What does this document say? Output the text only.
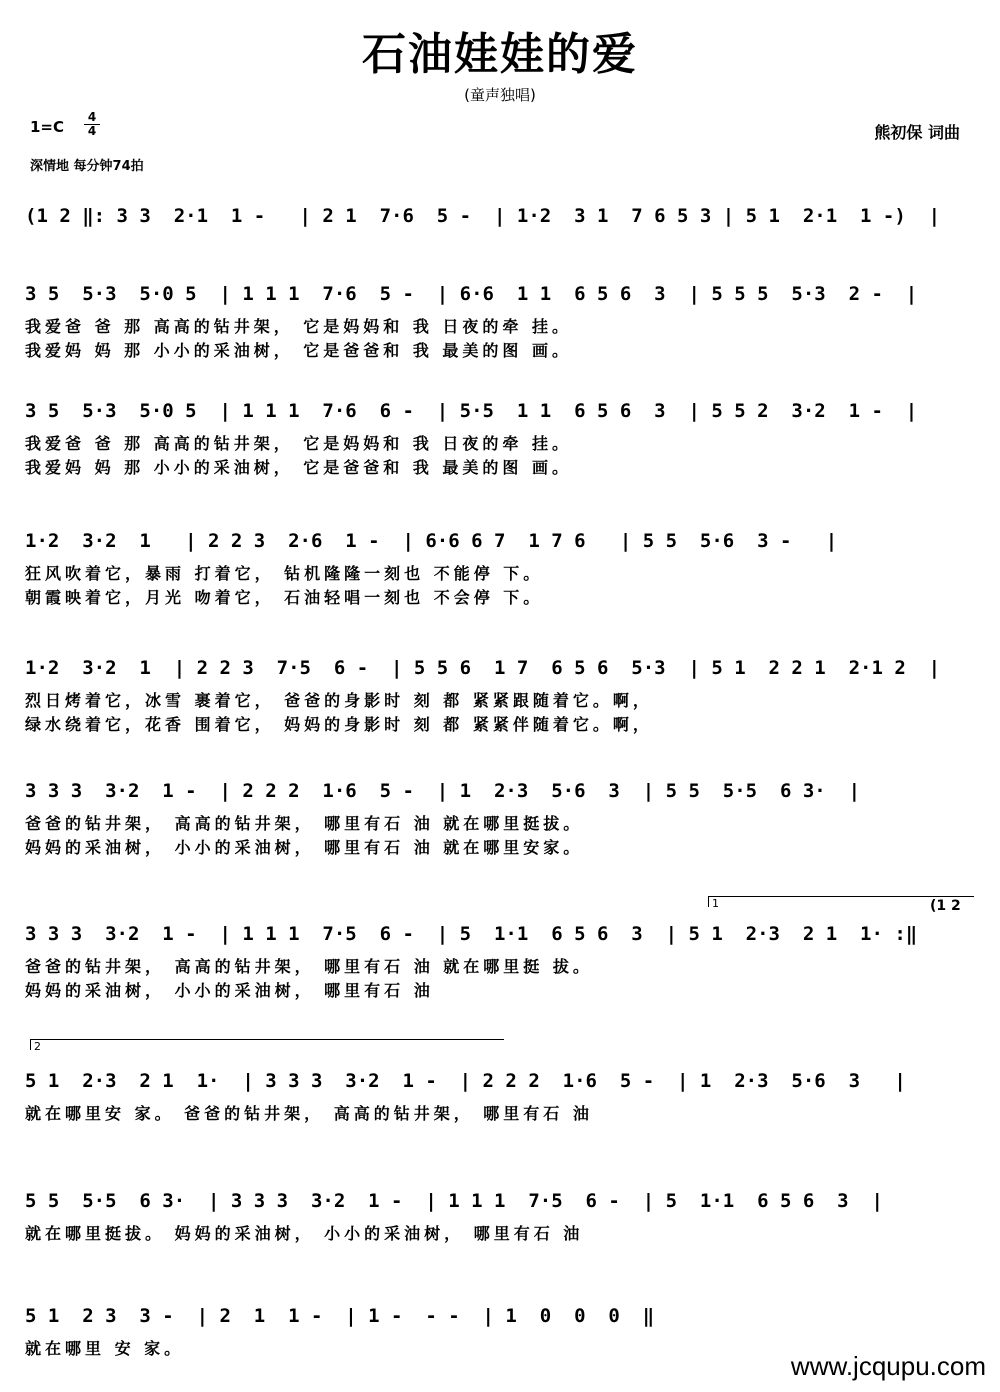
石油娃娃的爱
(童声独唱)
1=C
4
4
深情地 每分钟74拍
熊初保 词曲
(1 2 ‖: 3 3  2·1  1 -   | 2 1  7·6  5 -  | 1·2  3 1  7 6 5 3 | 5 1  2·1  1 -)  |
3 5  5·3  5·0 5  | 1 1 1  7·6  5 -  | 6·6  1 1  6 5 6  3  | 5 5 5  5·3  2 -  |
我爱爸 爸 那 高高的钻井架， 它是妈妈和 我 日夜的牵 挂。
我爱妈 妈 那 小小的采油树， 它是爸爸和 我 最美的图 画。
3 5  5·3  5·0 5  | 1 1 1  7·6  6 -  | 5·5  1 1  6 5 6  3  | 5 5 2  3·2  1 -  |
我爱爸 爸 那 高高的钻井架， 它是妈妈和 我 日夜的牵 挂。
我爱妈 妈 那 小小的采油树， 它是爸爸和 我 最美的图 画。
1·2  3·2  1   | 2 2 3  2·6  1 -  | 6·6 6 7  1 7 6   | 5 5  5·6  3 -   |
狂风吹着它，暴雨 打着它， 钻机隆隆一刻也 不能停 下。
朝霞映着它，月光 吻着它， 石油轻唱一刻也 不会停 下。
1·2  3·2  1  | 2 2 3  7·5  6 -  | 5 5 6  1 7  6 5 6  5·3  | 5 1  2 2 1  2·1 2  |
烈日烤着它，冰雪 裹着它， 爸爸的身影时 刻 都 紧紧跟随着它。啊，
绿水绕着它，花香 围着它， 妈妈的身影时 刻 都 紧紧伴随着它。啊，
3 3 3  3·2  1 -  | 2 2 2  1·6  5 -  | 1  2·3  5·6  3  | 5 5  5·5  6 3·  |
爸爸的钻井架， 高高的钻井架， 哪里有石 油 就在哪里挺拔。
妈妈的采油树， 小小的采油树， 哪里有石 油 就在哪里安家。
1	(1 2
3 3 3  3·2  1 -  | 1 1 1  7·5  6 -  | 5  1·1  6 5 6  3  | 5 1  2·3  2 1  1· :‖
爸爸的钻井架， 高高的钻井架， 哪里有石 油 就在哪里挺 拔。
妈妈的采油树， 小小的采油树， 哪里有石 油
2
5 1  2·3  2 1  1·  | 3 3 3  3·2  1 -  | 2 2 2  1·6  5 -  | 1  2·3  5·6  3   |
就在哪里安 家。 爸爸的钻井架， 高高的钻井架， 哪里有石 油
5 5  5·5  6 3·  | 3 3 3  3·2  1 -  | 1 1 1  7·5  6 -  | 5  1·1  6 5 6  3  |
就在哪里挺拔。 妈妈的采油树， 小小的采油树， 哪里有石 油
5 1  2 3  3 -  | 2  1  1 -  | 1 -  - -  | 1  0  0  0  ‖
就在哪里 安 家。
www.jcqupu.com
